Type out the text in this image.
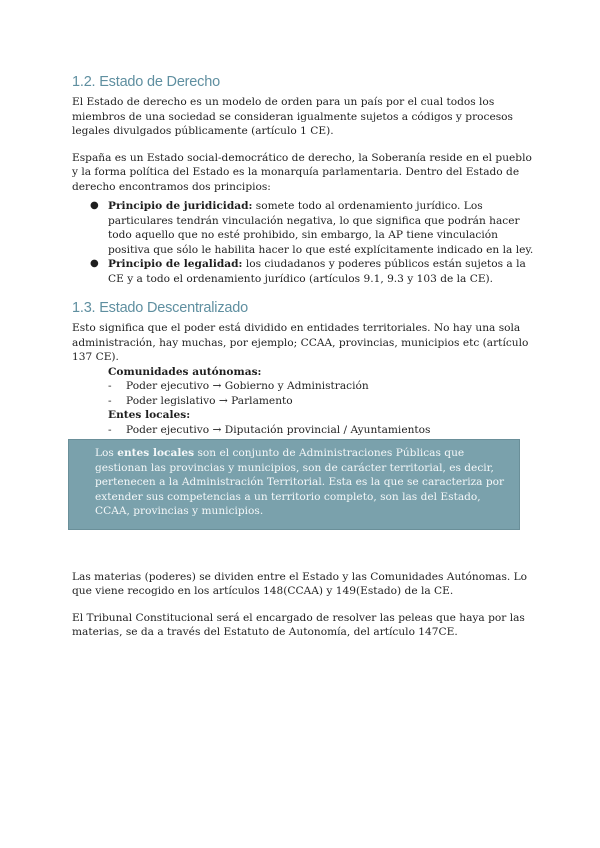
1.2. Estado de Derecho

El Estado de derecho es un modelo de orden para un país por el cual todos los miembros de una sociedad se consideran igualmente sujetos a códigos y procesos legales divulgados públicamente (artículo 1 CE).

España es un Estado social-democrático de derecho, la Soberanía reside en el pueblo y la forma política del Estado es la monarquía parlamentaria. Dentro del Estado de derecho encontramos dos principios:

● Principio de juridicidad: somete todo al ordenamiento jurídico. Los particulares tendrán vinculación negativa, lo que significa que podrán hacer todo aquello que no esté prohibido, sin embargo, la AP tiene vinculación positiva que sólo le habilita hacer lo que esté explícitamente indicado en la ley.
● Principio de legalidad: los ciudadanos y poderes públicos están sujetos a la CE y a todo el ordenamiento jurídico (artículos 9.1, 9.3 y 103 de la CE).
1.3. Estado Descentralizado

Esto significa que el poder está dividido en entidades territoriales. No hay una sola administración, hay muchas, por ejemplo; CCAA, provincias, municipios etc (artículo 137 CE).

Comunidades autónomas:
- Poder ejecutivo → Gobierno y Administración
- Poder legislativo → Parlamento
Entes locales:
- Poder ejecutivo → Diputación provincial / Ayuntamientos

Los entes locales son el conjunto de Administraciones Públicas que gestionan las provincias y municipios, son de carácter territorial, es decir, pertenecen a la Administración Territorial. Esta es la que se caracteriza por extender sus competencias a un territorio completo, son las del Estado, CCAA, provincias y municipios.

Las materias (poderes) se dividen entre el Estado y las Comunidades Autónomas. Lo que viene recogido en los artículos 148(CCAA) y 149(Estado) de la CE.

El Tribunal Constitucional será el encargado de resolver las peleas que haya por las materias, se da a través del Estatuto de Autonomía, del artículo 147CE.
